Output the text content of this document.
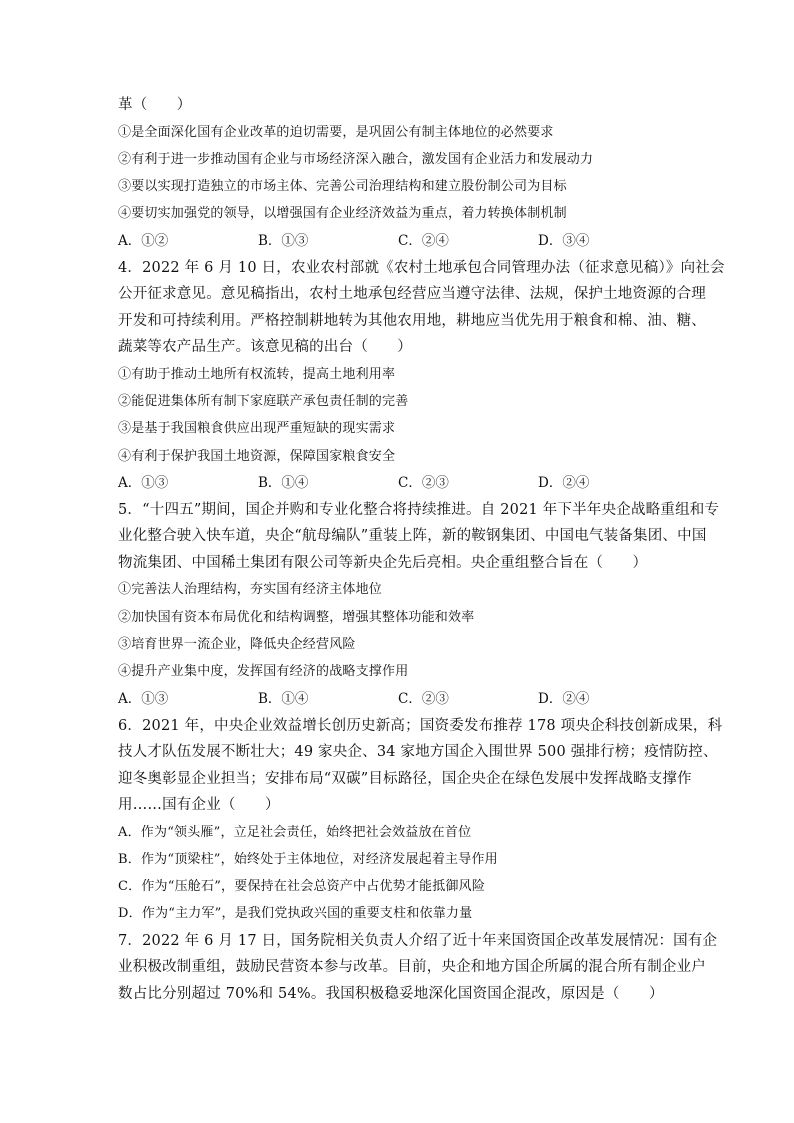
革（　　）
①是全面深化国有企业改革的迫切需要，是巩固公有制主体地位的必然要求
②有利于进一步推动国有企业与市场经济深入融合，激发国有企业活力和发展动力
③要以实现打造独立的市场主体、完善公司治理结构和建立股份制公司为目标
④要切实加强党的领导，以增强国有企业经济效益为重点，着力转换体制机制
A．①②	B．①③	C．②④	D．③④
4．2022 年 6 月 10 日，农业农村部就《农村土地承包合同管理办法（征求意见稿）》向社会
公开征求意见。意见稿指出，农村土地承包经营应当遵守法律、法规，保护土地资源的合理
开发和可持续利用。严格控制耕地转为其他农用地，耕地应当优先用于粮食和棉、油、糖、
蔬菜等农产品生产。该意见稿的出台（　　）
①有助于推动土地所有权流转，提高土地利用率
②能促进集体所有制下家庭联产承包责任制的完善
③是基于我国粮食供应出现严重短缺的现实需求
④有利于保护我国土地资源，保障国家粮食安全
A．①③	B．①④	C．②③	D．②④
5．“十四五”期间，国企并购和专业化整合将持续推进。自 2021 年下半年央企战略重组和专
业化整合驶入快车道，央企“航母编队”重装上阵，新的鞍钢集团、中国电气装备集团、中国
物流集团、中国稀土集团有限公司等新央企先后亮相。央企重组整合旨在（　　）
①完善法人治理结构，夯实国有经济主体地位
②加快国有资本布局优化和结构调整，增强其整体功能和效率
③培育世界一流企业，降低央企经营风险
④提升产业集中度，发挥国有经济的战略支撑作用
A．①③	B．①④	C．②③	D．②④
6．2021 年，中央企业效益增长创历史新高；国资委发布推荐 178 项央企科技创新成果，科
技人才队伍发展不断壮大；49 家央企、34 家地方国企入围世界 500 强排行榜；疫情防控、
迎冬奥彰显企业担当；安排布局“双碳”目标路径，国企央企在绿色发展中发挥战略支撑作
用……国有企业（　　）
A．作为“领头雁”，立足社会责任，始终把社会效益放在首位
B．作为“顶梁柱”，始终处于主体地位，对经济发展起着主导作用
C．作为“压舱石”，要保持在社会总资产中占优势才能抵御风险
D．作为“主力军”，是我们党执政兴国的重要支柱和依靠力量
7．2022 年 6 月 17 日，国务院相关负责人介绍了近十年来国资国企改革发展情况：国有企
业积极改制重组，鼓励民营资本参与改革。目前，央企和地方国企所属的混合所有制企业户
数占比分别超过 70%和 54%。我国积极稳妥地深化国资国企混改，原因是（　　）
